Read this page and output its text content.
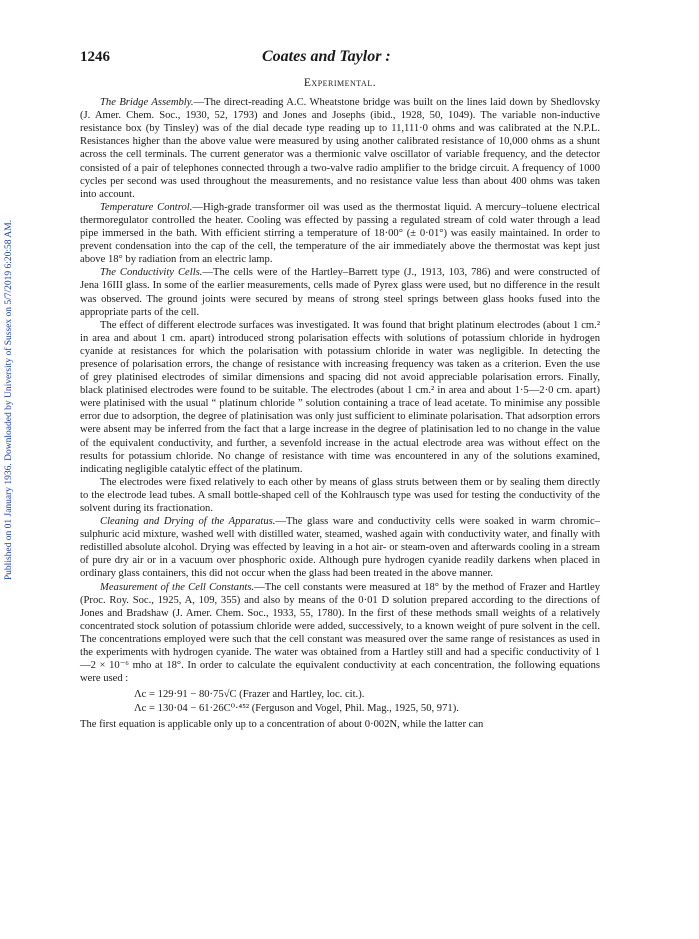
Published on 01 January 1936. Downloaded by University of Sussex on 5/7/2019 6:20:58 AM.
1246	Coates and Taylor :
Experimental.

The Bridge Assembly.—The direct-reading A.C. Wheatstone bridge was built on the lines laid down by Shedlovsky (J. Amer. Chem. Soc., 1930, 52, 1793) and Jones and Josephs (ibid., 1928, 50, 1049). The variable non-inductive resistance box (by Tinsley) was of the dial decade type reading up to 11,111·0 ohms and was calibrated at the N.P.L. Resistances higher than the above value were measured by using another calibrated resistance of 10,000 ohms as a shunt across the cell terminals. The current generator was a thermionic valve oscillator of variable frequency, and the detector consisted of a pair of telephones connected through a two-valve radio amplifier to the bridge circuit. A frequency of 1000 cycles per second was used throughout the measurements, and no resistance value less than about 400 ohms was taken into account.

Temperature Control.—High-grade transformer oil was used as the thermostat liquid. A mercury–toluene electrical thermoregulator controlled the heater. Cooling was effected by passing a regulated stream of cold water through a lead pipe immersed in the bath. With efficient stirring a temperature of 18·00° (± 0·01°) was easily maintained. In order to prevent condensation into the cap of the cell, the temperature of the air immediately above the thermostat was kept just above 18° by radiation from an electric lamp.

The Conductivity Cells.—The cells were of the Hartley–Barrett type (J., 1913, 103, 786) and were constructed of Jena 16III glass. In some of the earlier measurements, cells made of Pyrex glass were used, but no difference in the result was observed. The ground joints were secured by means of strong steel springs between glass hooks fused into the appropriate parts of the cell.

The effect of different electrode surfaces was investigated. It was found that bright platinum electrodes (about 1 cm.² in area and about 1 cm. apart) introduced strong polarisation effects with solutions of potassium chloride in hydrogen cyanide at resistances for which the polarisation with potassium chloride in water was negligible. In detecting the presence of polarisation errors, the change of resistance with increasing frequency was taken as a criterion. Even the use of grey platinised electrodes of similar dimensions and spacing did not avoid appreciable polarisation errors. Finally, black platinised electrodes were found to be suitable. The electrodes (about 1 cm.² in area and about 1·5—2·0 cm. apart) were platinised with the usual “ platinum chloride ” solution containing a trace of lead acetate. To minimise any possible error due to adsorption, the degree of platinisation was only just sufficient to eliminate polarisation. That adsorption errors were absent may be inferred from the fact that a large increase in the degree of platinisation led to no change in the value of the equivalent conductivity, and further, a sevenfold increase in the actual electrode area was without effect on the results for potassium chloride. No change of resistance with time was encountered in any of the solutions examined, indicating negligible catalytic effect of the platinum.

The electrodes were fixed relatively to each other by means of glass struts between them or by sealing them directly to the electrode lead tubes. A small bottle-shaped cell of the Kohlrausch type was used for testing the conductivity of the solvent during its fractionation.

Cleaning and Drying of the Apparatus.—The glass ware and conductivity cells were soaked in warm chromic–sulphuric acid mixture, washed well with distilled water, steamed, washed again with conductivity water, and finally with redistilled absolute alcohol. Drying was effected by leaving in a hot air- or steam-oven and afterwards cooling in a stream of pure dry air or in a vacuum over phosphoric oxide. Although pure hydrogen cyanide readily darkens when placed in ordinary glass containers, this did not occur when the glass had been treated in the above manner.

Measurement of the Cell Constants.—The cell constants were measured at 18° by the method of Frazer and Hartley (Proc. Roy. Soc., 1925, A, 109, 355) and also by means of the 0·01 D solution prepared according to the directions of Jones and Bradshaw (J. Amer. Chem. Soc., 1933, 55, 1780). In the first of these methods small weights of a relatively concentrated stock solution of potassium chloride were added, successively, to a known weight of pure solvent in the cell. The concentrations employed were such that the cell constant was measured over the same range of resistances as used in the experiments with hydrogen cyanide. The water was obtained from a Hartley still and had a specific conductivity of 1—2 × 10⁻⁶ mho at 18°. In order to calculate the equivalent conductivity at each concentration, the following equations were used :

Λc = 129·91 − 80·75√C (Frazer and Hartley, loc. cit.).
Λc = 130·04 − 61·26C⁰·⁴⁵² (Ferguson and Vogel, Phil. Mag., 1925, 50, 971).

The first equation is applicable only up to a concentration of about 0·002N, while the latter can
